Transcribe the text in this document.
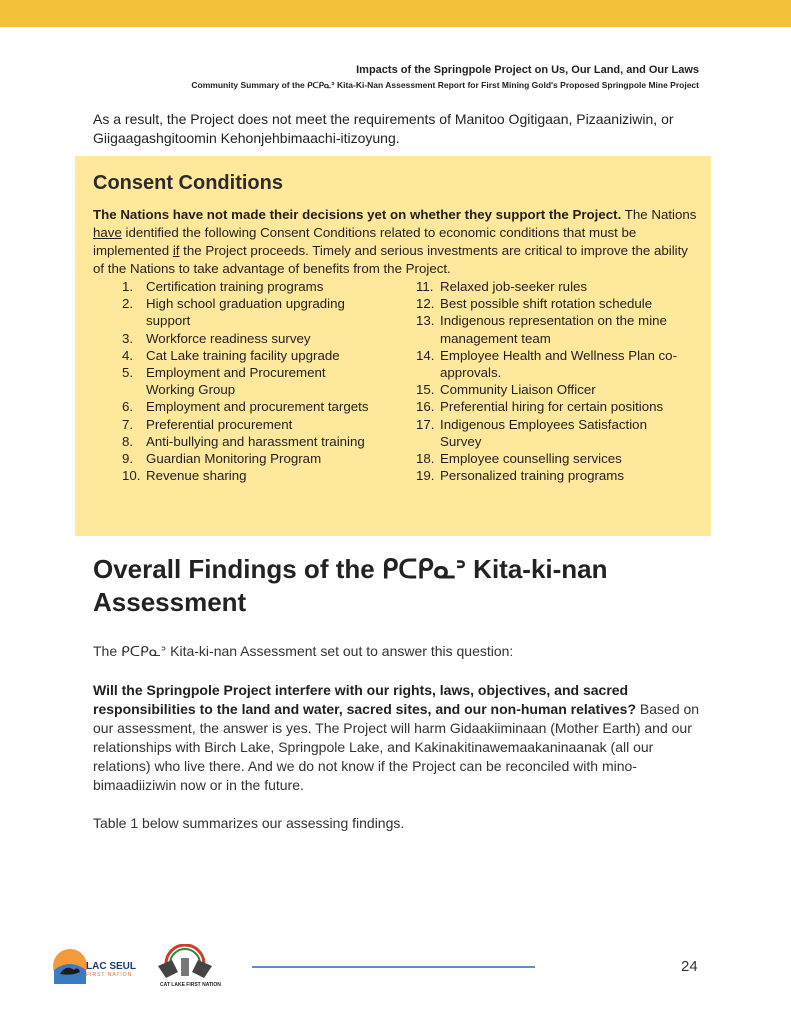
Impacts of the Springpole Project on Us, Our Land, and Our Laws
Community Summary of the ᑭᑕᑭᓇᐣ Kita-Ki-Nan Assessment Report for First Mining Gold's Proposed Springpole Mine Project

As a result, the Project does not meet the requirements of Manitoo Ogitigaan, Pizaaniziwin, or Giigaagashgitoomin Kehonjehbimaachi-itizoyung.

Consent Conditions
The Nations have not made their decisions yet on whether they support the Project. The Nations have identified the following Consent Conditions related to economic conditions that must be implemented if the Project proceeds. Timely and serious investments are critical to improve the ability of the Nations to take advantage of benefits from the Project.
1. Certification training programs
2. High school graduation upgrading support
3. Workforce readiness survey
4. Cat Lake training facility upgrade
5. Employment and Procurement Working Group
6. Employment and procurement targets
7. Preferential procurement
8. Anti-bullying and harassment training
9. Guardian Monitoring Program
10. Revenue sharing
11. Relaxed job-seeker rules
12. Best possible shift rotation schedule
13. Indigenous representation on the mine management team
14. Employee Health and Wellness Plan co-approvals.
15. Community Liaison Officer
16. Preferential hiring for certain positions
17. Indigenous Employees Satisfaction Survey
18. Employee counselling services
19. Personalized training programs
Overall Findings of the ᑭᑕᑭᓇᐣ Kita-ki-nan Assessment
The ᑭᑕᑭᓇᐣ Kita-ki-nan Assessment set out to answer this question:
Will the Springpole Project interfere with our rights, laws, objectives, and sacred responsibilities to the land and water, sacred sites, and our non-human relatives? Based on our assessment, the answer is yes. The Project will harm Gidaakiiminaan (Mother Earth) and our relationships with Birch Lake, Springpole Lake, and Kakinakitinawemaakaninaanak (all our relations) who live there. And we do not know if the Project can be reconciled with mino-bimaadiiziwin now or in the future.
Table 1 below summarizes our assessing findings.
LAC SEUL
FIRST NATION
CAT LAKE FIRST NATION
24
